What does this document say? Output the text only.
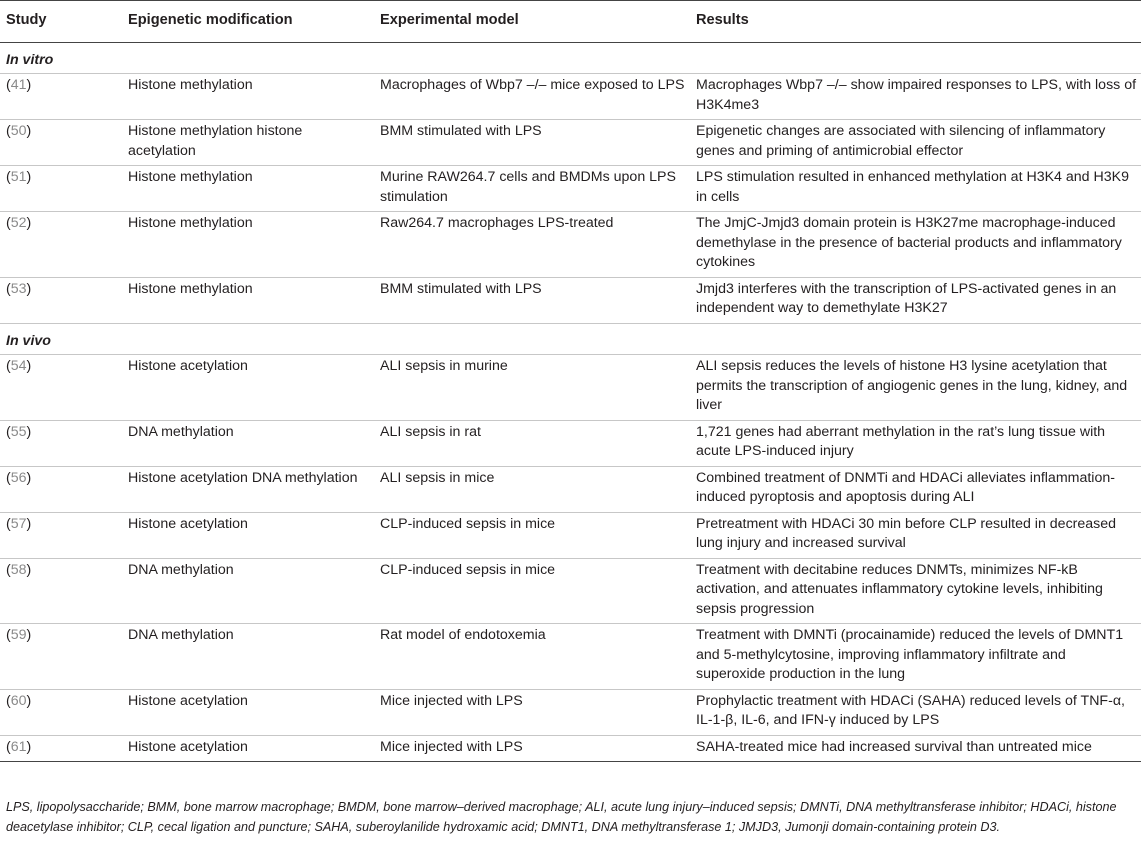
Study	Epigenetic modification	Experimental model	Results
In vitro			
(41)	Histone methylation	Macrophages of Wbp7 –/– mice exposed to LPS	Macrophages Wbp7 –/– show impaired responses to LPS, with loss of H3K4me3
(50)	Histone methylation histone acetylation	BMM stimulated with LPS	Epigenetic changes are associated with silencing of inflammatory genes and priming of antimicrobial effector
(51)	Histone methylation	Murine RAW264.7 cells and BMDMs upon LPS stimulation	LPS stimulation resulted in enhanced methylation at H3K4 and H3K9 in cells
(52)	Histone methylation	Raw264.7 macrophages LPS-treated	The JmjC-Jmjd3 domain protein is H3K27me macrophage-induced demethylase in the presence of bacterial products and inflammatory cytokines
(53)	Histone methylation	BMM stimulated with LPS	Jmjd3 interferes with the transcription of LPS-activated genes in an independent way to demethylate H3K27
In vivo			
(54)	Histone acetylation	ALI sepsis in murine	ALI sepsis reduces the levels of histone H3 lysine acetylation that permits the transcription of angiogenic genes in the lung, kidney, and liver
(55)	DNA methylation	ALI sepsis in rat	1,721 genes had aberrant methylation in the rat’s lung tissue with acute LPS-induced injury
(56)	Histone acetylation DNA methylation	ALI sepsis in mice	Combined treatment of DNMTi and HDACi alleviates inflammation-induced pyroptosis and apoptosis during ALI
(57)	Histone acetylation	CLP-induced sepsis in mice	Pretreatment with HDACi 30 min before CLP resulted in decreased lung injury and increased survival
(58)	DNA methylation	CLP-induced sepsis in mice	Treatment with decitabine reduces DNMTs, minimizes NF-kB activation, and attenuates inflammatory cytokine levels, inhibiting sepsis progression
(59)	DNA methylation	Rat model of endotoxemia	Treatment with DMNTi (procainamide) reduced the levels of DMNT1 and 5-methylcytosine, improving inflammatory infiltrate and superoxide production in the lung
(60)	Histone acetylation	Mice injected with LPS	Prophylactic treatment with HDACi (SAHA) reduced levels of TNF-α, IL-1-β, IL-6, and IFN-γ induced by LPS
(61)	Histone acetylation	Mice injected with LPS	SAHA-treated mice had increased survival than untreated mice
LPS, lipopolysaccharide; BMM, bone marrow macrophage; BMDM, bone marrow–derived macrophage; ALI, acute lung injury–induced sepsis; DMNTi, DNA methyltransferase inhibitor; HDACi, histone deacetylase inhibitor; CLP, cecal ligation and puncture; SAHA, suberoylanilide hydroxamic acid; DMNT1, DNA methyltransferase 1; JMJD3, Jumonji domain-containing protein D3.
